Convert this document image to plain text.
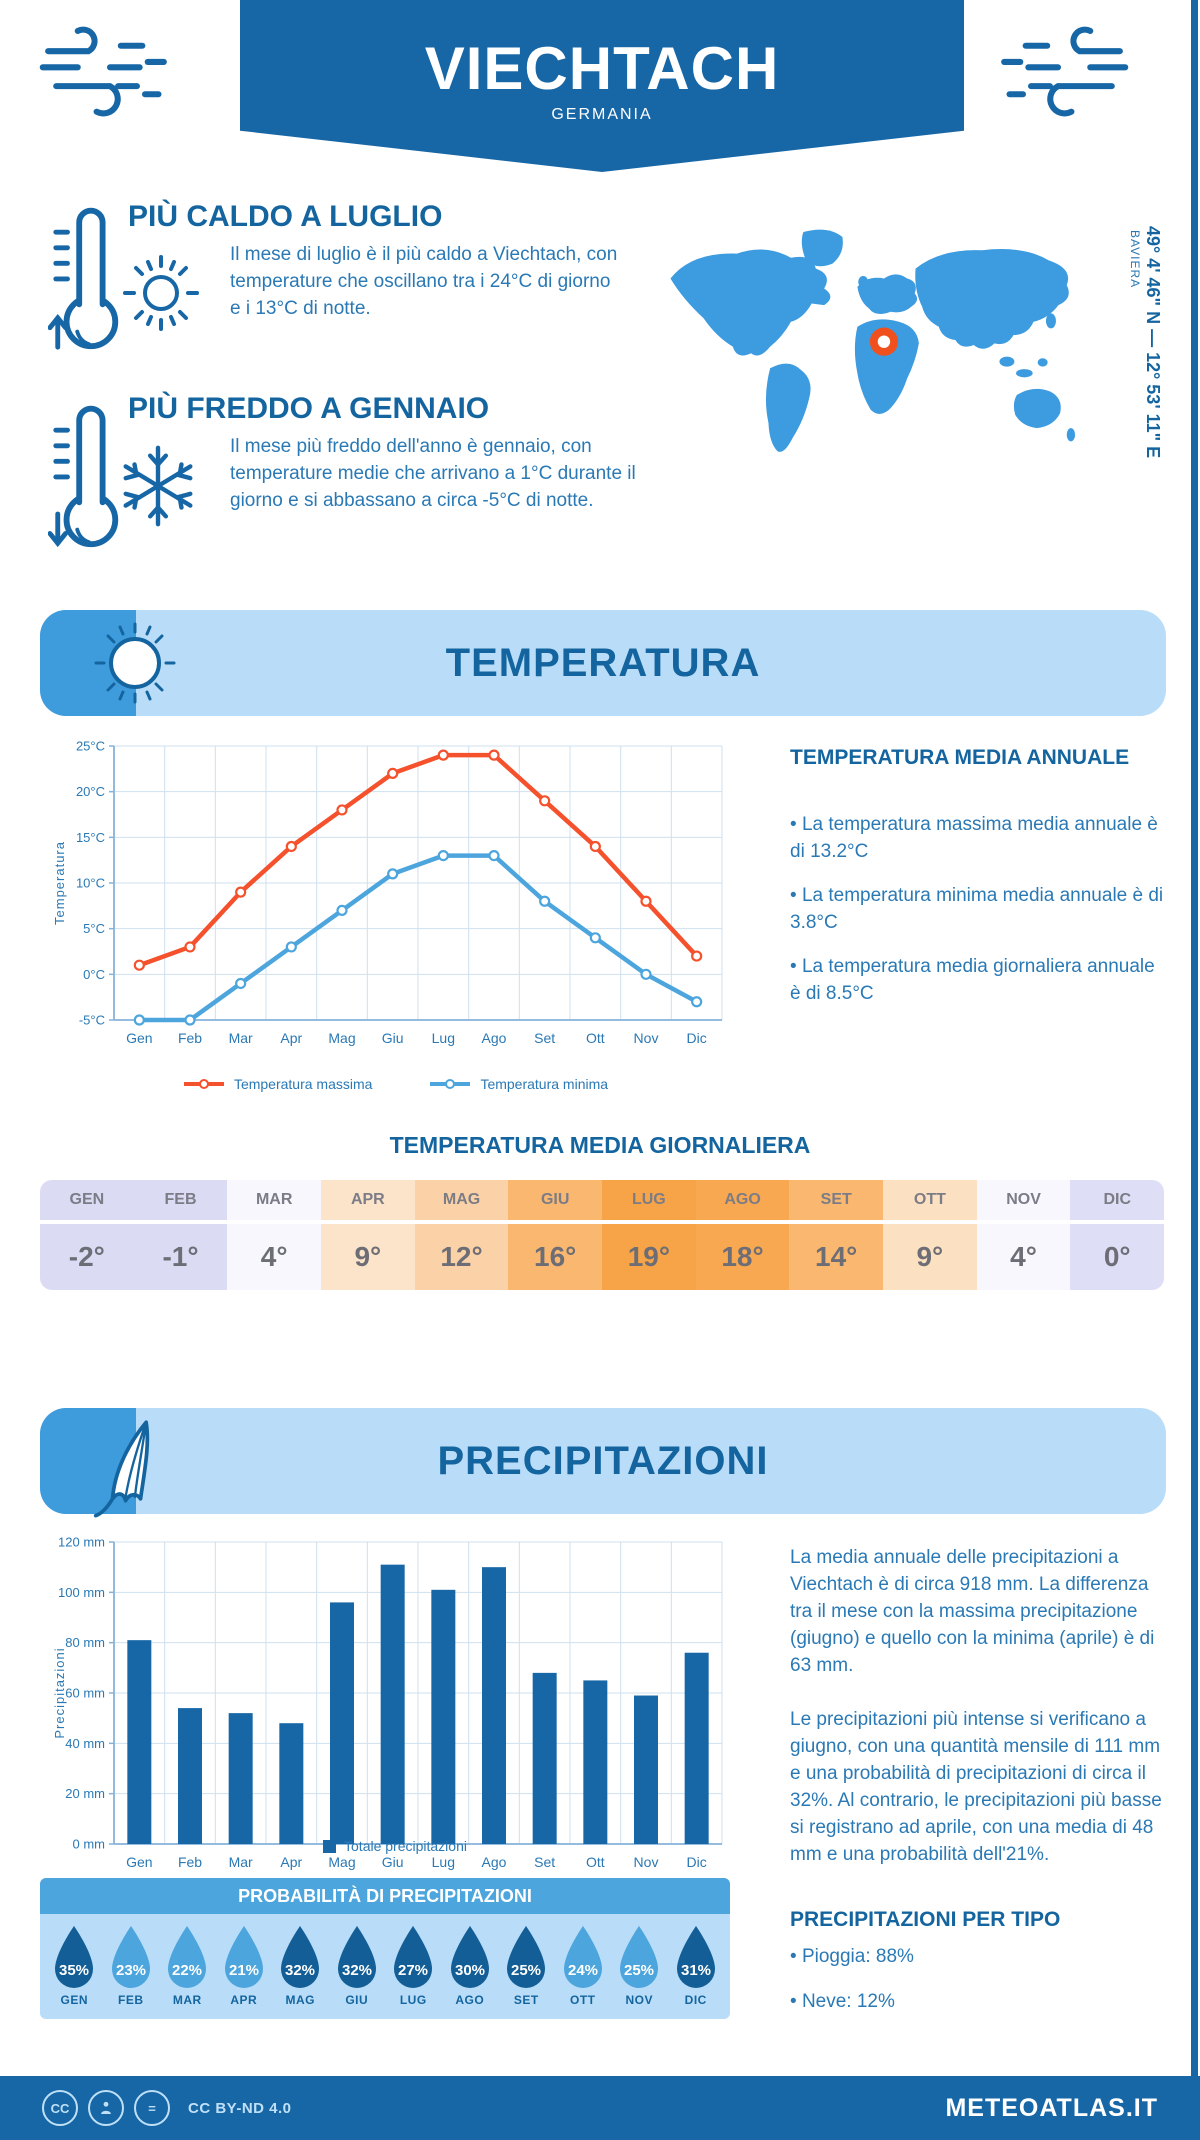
VIECHTACH
GERMANIA
PIÙ CALDO A LUGLIO
Il mese di luglio è il più caldo a Viechtach, con temperature che oscillano tra i 24°C di giorno e i 13°C di notte.
PIÙ FREDDO A GENNAIO
Il mese più freddo dell'anno è gennaio, con temperature medie che arrivano a 1°C durante il giorno e si abbassano a circa -5°C di notte.
49° 4' 46" N — 12° 53' 11" E
BAVIERA
TEMPERATURA
-5°C
0°C
5°C
10°C
15°C
20°C
25°C
Gen Feb Mar Apr Mag Giu Lug Ago Set Ott Nov Dic
Temperatura
Temperatura massima	Temperatura minima
TEMPERATURA MEDIA ANNUALE
• La temperatura massima media annuale è di 13.2°C
• La temperatura minima media annuale è di 3.8°C
• La temperatura media giornaliera annuale è di 8.5°C
TEMPERATURA MEDIA GIORNALIERA
GEN
-2°
FEB
-1°
MAR
4°
APR
9°
MAG
12°
GIU
16°
LUG
19°
AGO
18°
SET
14°
OTT
9°
NOV
4°
DIC
0°
PRECIPITAZIONI
0 mm
20 mm
40 mm
60 mm
80 mm
100 mm
120 mm
Gen Feb Mar Apr Mag Giu Lug Ago Set Ott Nov Dic
Precipitazioni
Totale precipitazioni
La media annuale delle precipitazioni a Viechtach è di circa 918 mm. La differenza tra il mese con la massima precipitazione (giugno) e quello con la minima (aprile) è di 63 mm.
Le precipitazioni più intense si verificano a giugno, con una quantità mensile di 111 mm e una probabilità di precipitazioni di circa il 32%. Al contrario, le precipitazioni più basse si registrano ad aprile, con una media di 48 mm e una probabilità dell'21%.
PROBABILITÀ DI PRECIPITAZIONI
35%
GEN
23%
FEB
22%
MAR
21%
APR
32%
MAG
32%
GIU
27%
LUG
30%
AGO
25%
SET
24%
OTT
25%
NOV
31%
DIC
PRECIPITAZIONI PER TIPO
• Pioggia: 88%
• Neve: 12%
CC	=	CC BY-ND 4.0	METEOATLAS.IT
